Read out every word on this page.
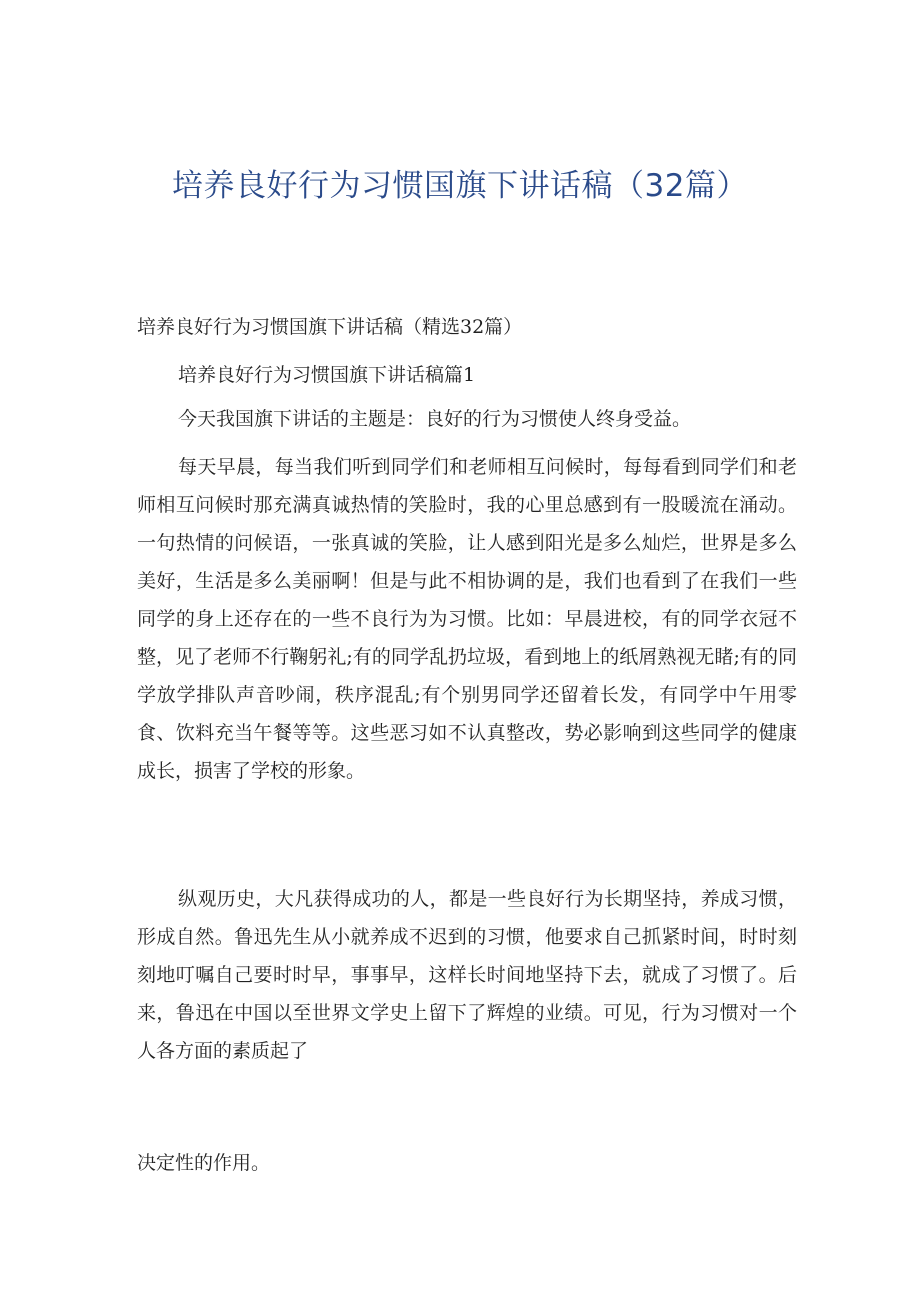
培养良好行为习惯国旗下讲话稿（32篇）

培养良好行为习惯国旗下讲话稿（精选32篇）

培养良好行为习惯国旗下讲话稿篇1

今天我国旗下讲话的主题是：良好的行为习惯使人终身受益。

每天早晨，每当我们听到同学们和老师相互问候时，每每看到同学们和老师相互问候时那充满真诚热情的笑脸时，我的心里总感到有一股暖流在涌动。一句热情的问候语，一张真诚的笑脸，让人感到阳光是多么灿烂，世界是多么美好，生活是多么美丽啊！但是与此不相协调的是，我们也看到了在我们一些同学的身上还存在的一些不良行为为习惯。比如：早晨进校，有的同学衣冠不整，见了老师不行鞠躬礼;有的同学乱扔垃圾，看到地上的纸屑熟视无睹;有的同学放学排队声音吵闹，秩序混乱;有个别男同学还留着长发，有同学中午用零食、饮料充当午餐等等。这些恶习如不认真整改，势必影响到这些同学的健康成长，损害了学校的形象。

纵观历史，大凡获得成功的人，都是一些良好行为长期坚持，养成习惯，形成自然。鲁迅先生从小就养成不迟到的习惯，他要求自己抓紧时间，时时刻刻地叮嘱自己要时时早，事事早，这样长时间地坚持下去，就成了习惯了。后来，鲁迅在中国以至世界文学史上留下了辉煌的业绩。可见，行为习惯对一个人各方面的素质起了

决定性的作用。
